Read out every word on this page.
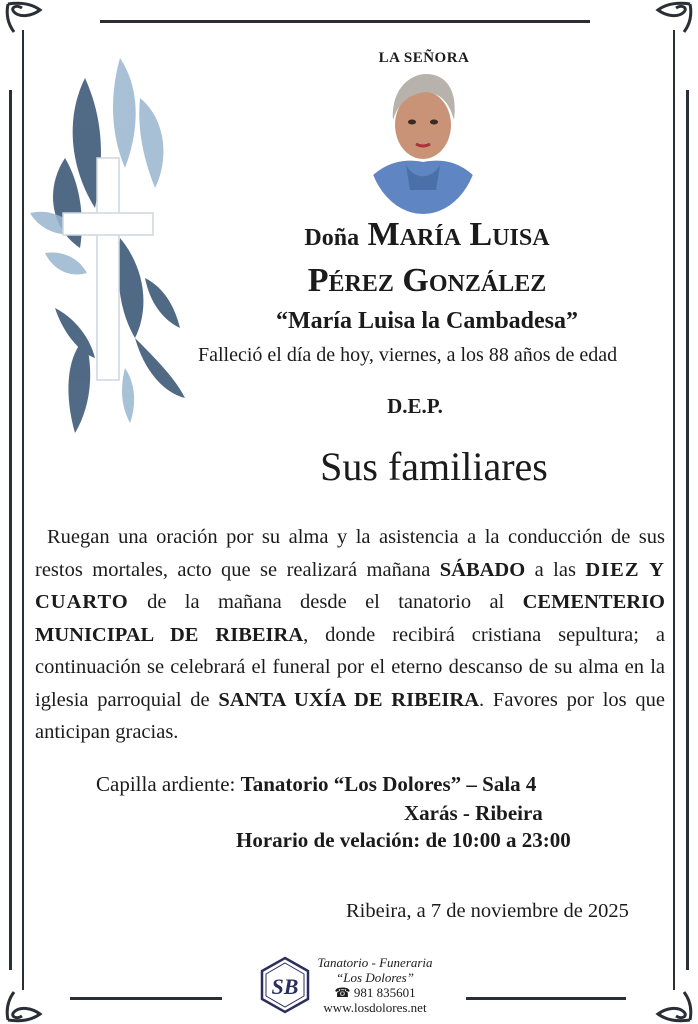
LA SEÑORA
Doña María Luisa
Pérez González
“María Luisa la Cambadesa”
Falleció el día de hoy, viernes, a los 88 años de edad
D.E.P.
Sus familiares
Ruegan una oración por su alma y la asistencia a la conducción de sus restos mortales, acto que se realizará mañana SÁBADO a las DIEZ Y CUARTO de la mañana desde el tanatorio al CEMENTERIO MUNICIPAL DE RIBEIRA, donde recibirá cristiana sepultura; a continuación se celebrará el funeral por el eterno descanso de su alma en la iglesia parroquial de SANTA UXÍA DE RIBEIRA. Favores por los que anticipan gracias.
Capilla ardiente: Tanatorio “Los Dolores” – Sala 4
Xarás - Ribeira
Horario de velación: de 10:00 a 23:00
Ribeira, a 7 de noviembre de 2025
SB
Tanatorio - Funeraria
“Los Dolores”
☎ 981 835601
www.losdolores.net
